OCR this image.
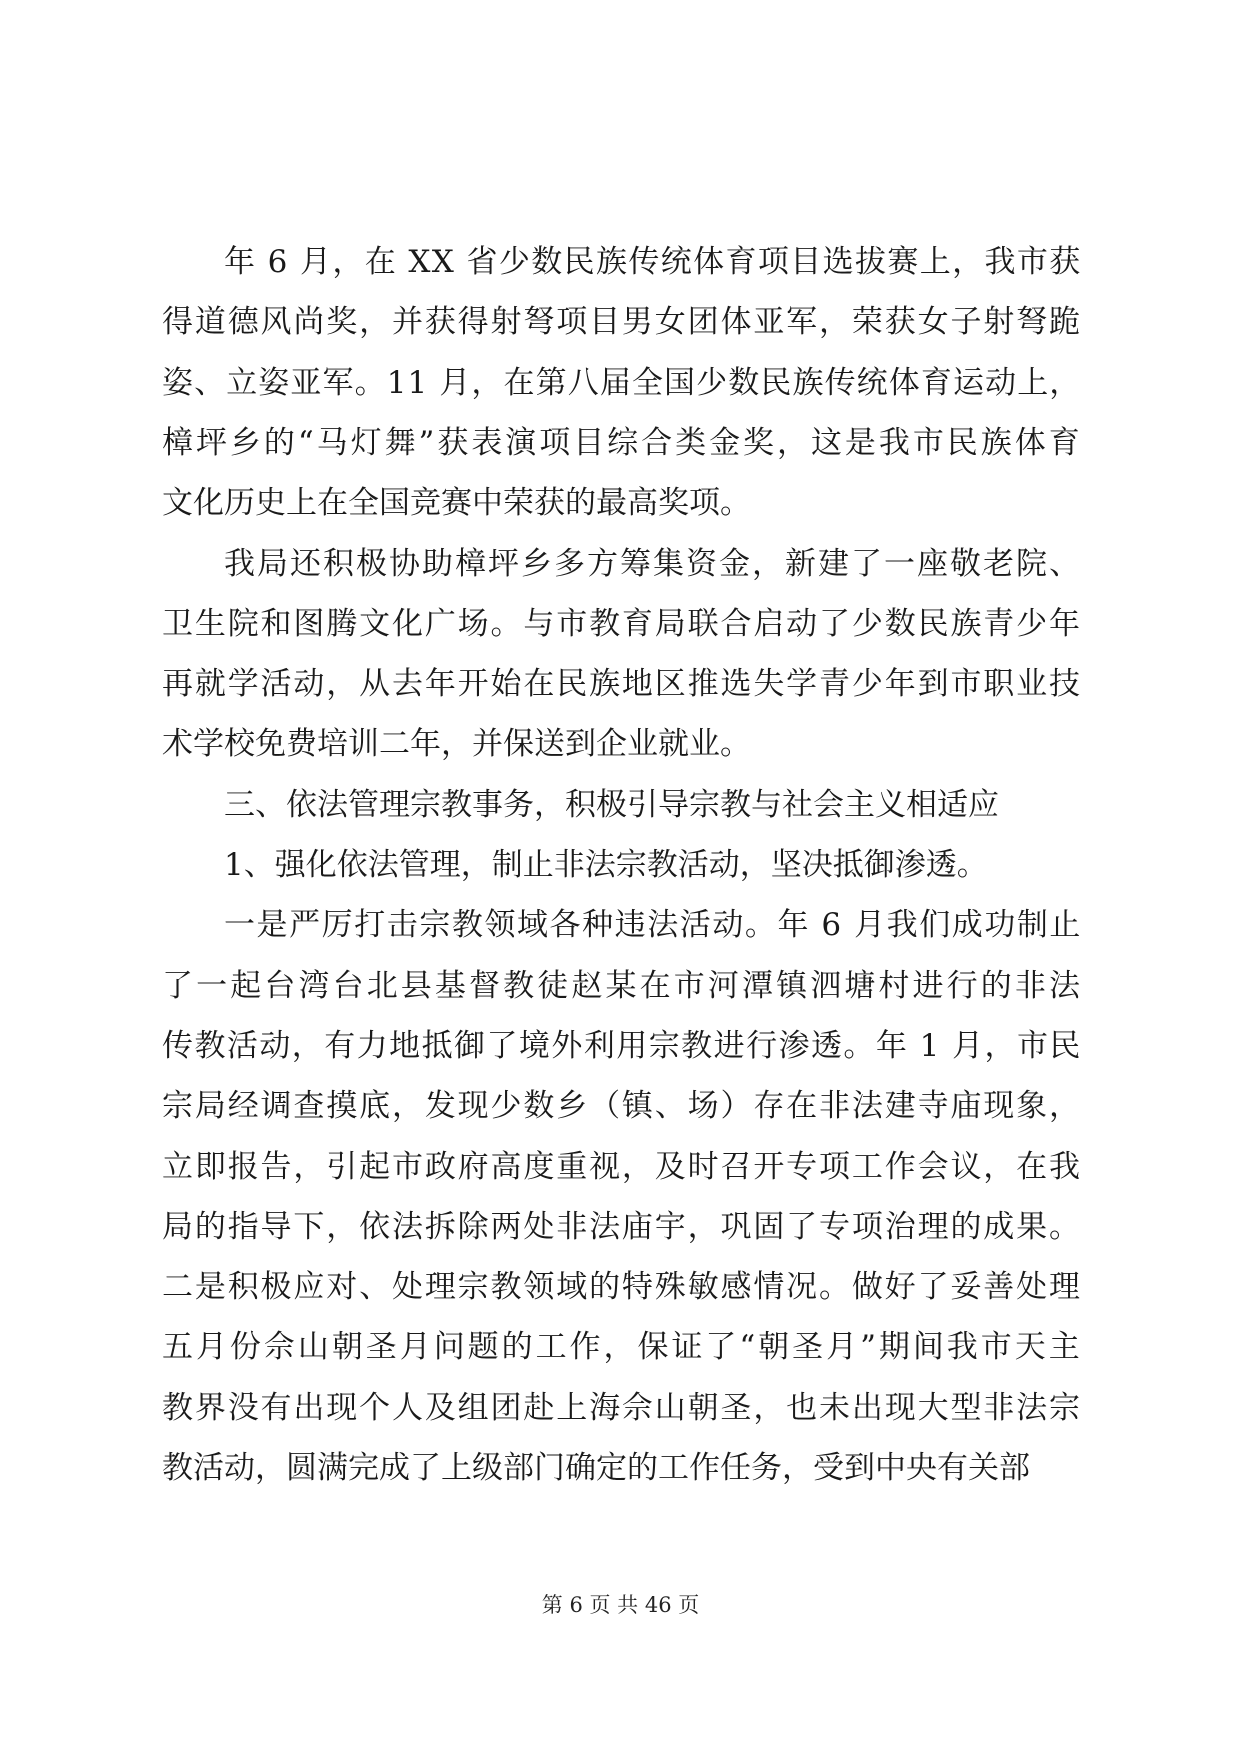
年 6 月，在 XX 省少数民族传统体育项目选拔赛上，我市获
得道德风尚奖，并获得射弩项目男女团体亚军，荣获女子射弩跪
姿、立姿亚军。11 月，在第八届全国少数民族传统体育运动上，
樟坪乡的“马灯舞”获表演项目综合类金奖，这是我市民族体育
文化历史上在全国竞赛中荣获的最高奖项。
我局还积极协助樟坪乡多方筹集资金，新建了一座敬老院、
卫生院和图腾文化广场。与市教育局联合启动了少数民族青少年
再就学活动，从去年开始在民族地区推选失学青少年到市职业技
术学校免费培训二年，并保送到企业就业。
三、依法管理宗教事务，积极引导宗教与社会主义相适应
1、强化依法管理，制止非法宗教活动，坚决抵御渗透。
一是严厉打击宗教领域各种违法活动。年 6 月我们成功制止
了一起台湾台北县基督教徒赵某在市河潭镇泗塘村进行的非法
传教活动，有力地抵御了境外利用宗教进行渗透。年 1 月，市民
宗局经调查摸底，发现少数乡（镇、场）存在非法建寺庙现象，
立即报告，引起市政府高度重视，及时召开专项工作会议，在我
局的指导下，依法拆除两处非法庙宇，巩固了专项治理的成果。
二是积极应对、处理宗教领域的特殊敏感情况。做好了妥善处理
五月份佘山朝圣月问题的工作，保证了“朝圣月”期间我市天主
教界没有出现个人及组团赴上海佘山朝圣，也未出现大型非法宗
教活动，圆满完成了上级部门确定的工作任务，受到中央有关部
第 6 页 共 46 页
